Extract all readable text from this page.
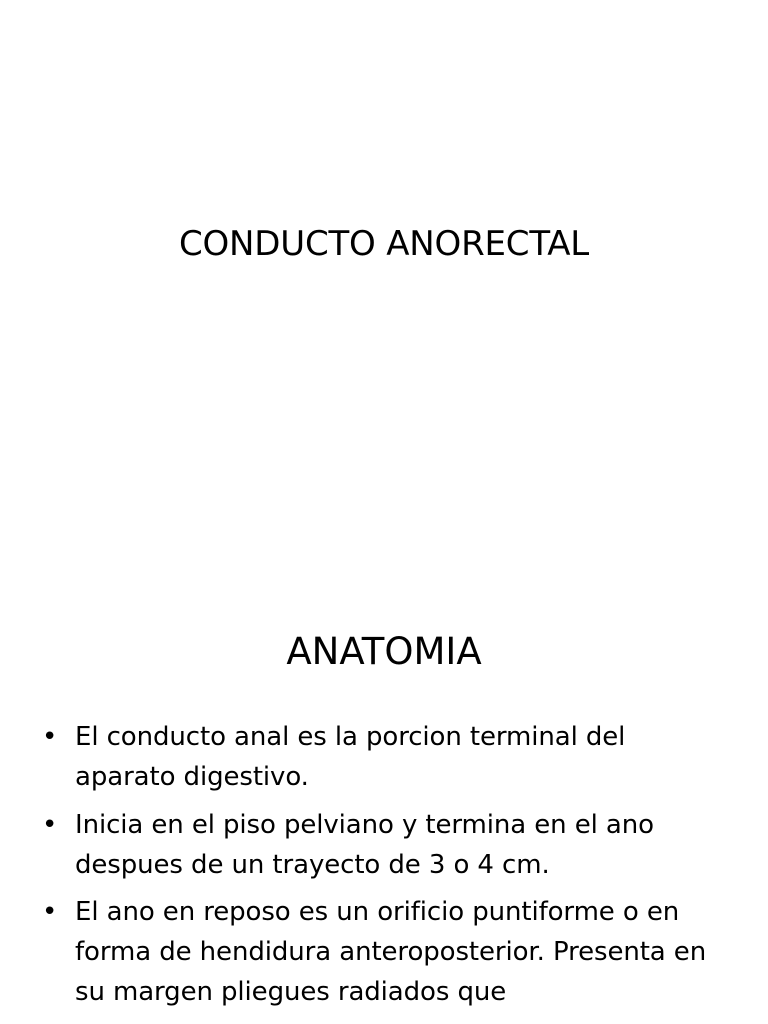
CONDUCTO ANORECTAL
ANATOMIA
• El conducto anal es la porcion terminal del aparato digestivo.
• Inicia en el piso pelviano y termina en el ano despues de un trayecto de 3 o 4 cm.
• El ano en reposo es un orificio puntiforme o en forma de hendidura anteroposterior. Presenta en su margen pliegues radiados que
